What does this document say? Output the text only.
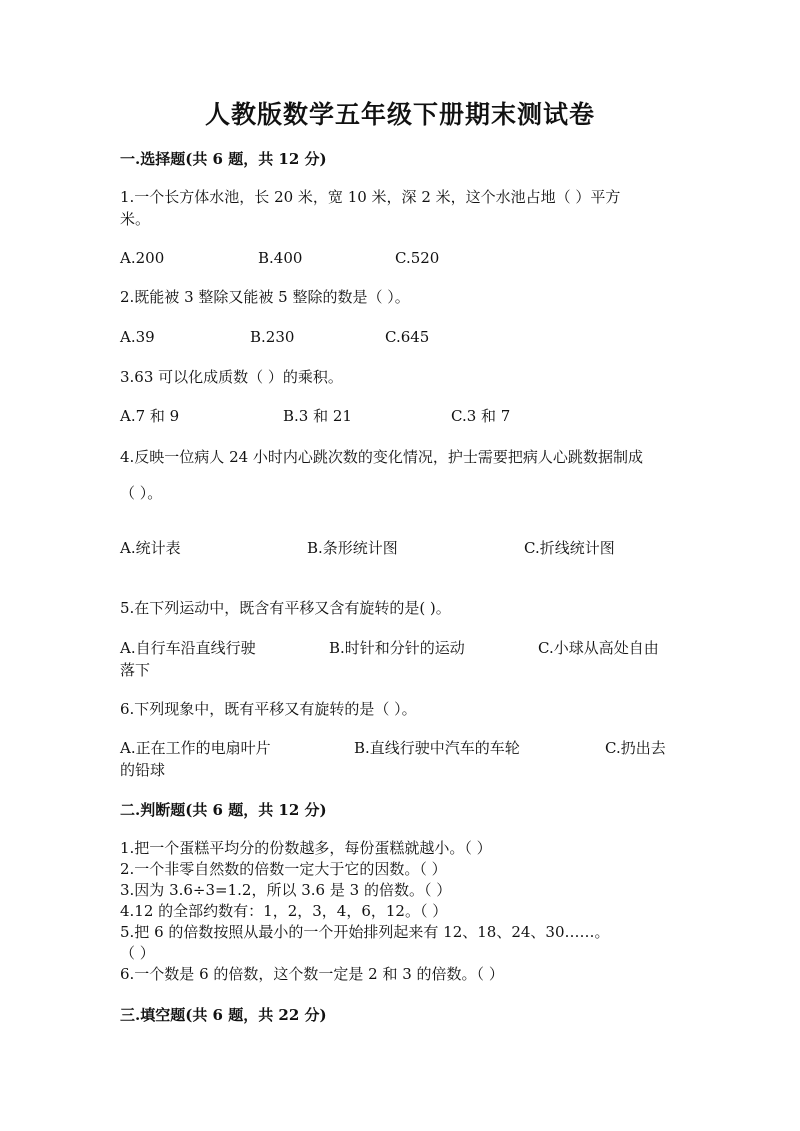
人教版数学五年级下册期末测试卷
一.选择题(共 6 题，共 12 分)
1.一个长方体水池，长 20 米，宽 10 米，深 2 米，这个水池占地（ ）平方
米。
A.200	B.400	C.520
2.既能被 3 整除又能被 5 整除的数是（ ）。
A.39	B.230	C.645
3.63 可以化成质数（ ）的乘积。
A.7 和 9	B.3 和 21	C.3 和 7
4.反映一位病人 24 小时内心跳次数的变化情况，护士需要把病人心跳数据制成
（ ）。
A.统计表	B.条形统计图	C.折线统计图
5.在下列运动中，既含有平移又含有旋转的是( )。
A.自行车沿直线行驶	B.时针和分针的运动	C.小球从高处自由
落下
6.下列现象中，既有平移又有旋转的是（ ）。
A.正在工作的电扇叶片	B.直线行驶中汽车的车轮	C.扔出去
的铅球
二.判断题(共 6 题，共 12 分)
1.把一个蛋糕平均分的份数越多，每份蛋糕就越小。（ ）
2.一个非零自然数的倍数一定大于它的因数。（ ）
3.因为 3.6÷3=1.2，所以 3.6 是 3 的倍数。（ ）
4.12 的全部约数有：1，2，3，4，6，12。（ ）
5.把 6 的倍数按照从最小的一个开始排列起来有 12、18、24、30……。
（ ）
6.一个数是 6 的倍数，这个数一定是 2 和 3 的倍数。（ ）
三.填空题(共 6 题，共 22 分)
